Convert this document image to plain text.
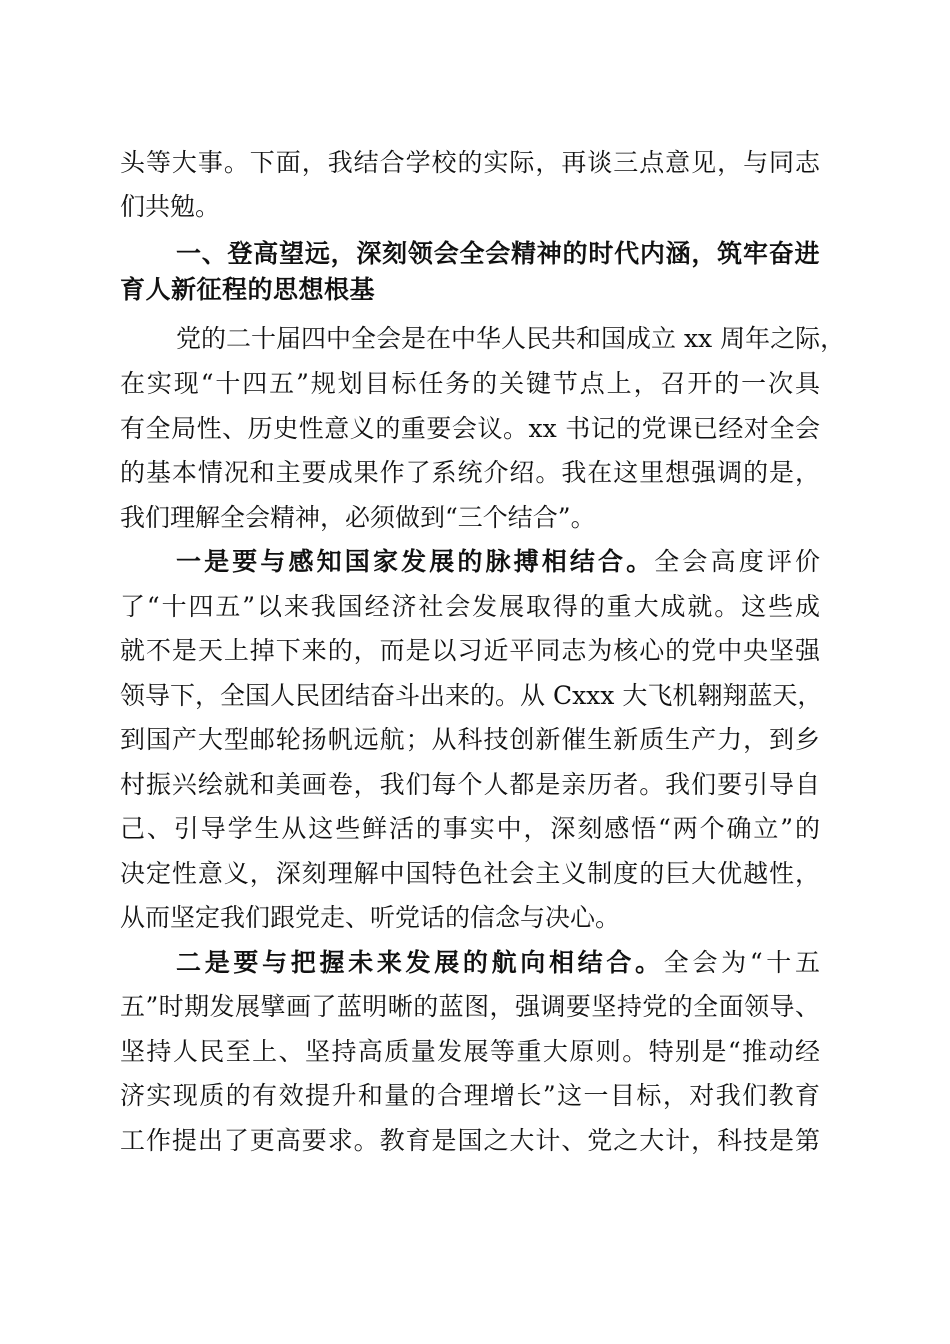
头等大事。下面，我结合学校的实际，再谈三点意见，与同志
们共勉。
一、登高望远，深刻领会全会精神的时代内涵，筑牢奋进
育人新征程的思想根基
党的二十届四中全会是在中华人民共和国成立 xx 周年之际，
在实现“十四五”规划目标任务的关键节点上，召开的一次具
有全局性、历史性意义的重要会议。xx 书记的党课已经对全会
的基本情况和主要成果作了系统介绍。我在这里想强调的是，
我们理解全会精神，必须做到“三个结合”。
一是要与感知国家发展的脉搏相结合。全会高度评价
了“十四五”以来我国经济社会发展取得的重大成就。这些成
就不是天上掉下来的，而是以习近平同志为核心的党中央坚强
领导下，全国人民团结奋斗出来的。从 Cxxx 大飞机翱翔蓝天，
到国产大型邮轮扬帆远航；从科技创新催生新质生产力，到乡
村振兴绘就和美画卷，我们每个人都是亲历者。我们要引导自
己、引导学生从这些鲜活的事实中，深刻感悟“两个确立”的
决定性意义，深刻理解中国特色社会主义制度的巨大优越性，
从而坚定我们跟党走、听党话的信念与决心。
二是要与把握未来发展的航向相结合。全会为“十五
五”时期发展擘画了蓝明晰的蓝图，强调要坚持党的全面领导、
坚持人民至上、坚持高质量发展等重大原则。特别是“推动经
济实现质的有效提升和量的合理增长”这一目标，对我们教育
工作提出了更高要求。教育是国之大计、党之大计，科技是第
